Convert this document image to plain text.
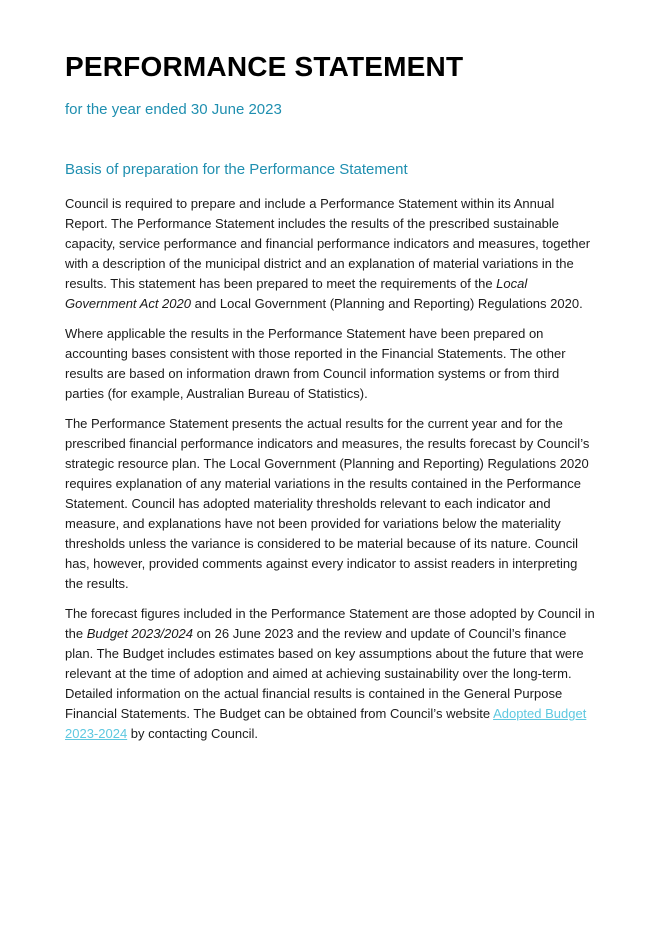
PERFORMANCE STATEMENT
for the year ended 30 June 2023
Basis of preparation for the Performance Statement

Council is required to prepare and include a Performance Statement within its Annual Report. The Performance Statement includes the results of the prescribed sustainable capacity, service performance and financial performance indicators and measures, together with a description of the municipal district and an explanation of material variations in the results. This statement has been prepared to meet the requirements of the Local Government Act 2020 and Local Government (Planning and Reporting) Regulations 2020.

Where applicable the results in the Performance Statement have been prepared on accounting bases consistent with those reported in the Financial Statements. The other results are based on information drawn from Council information systems or from third parties (for example, Australian Bureau of Statistics).

The Performance Statement presents the actual results for the current year and for the prescribed financial performance indicators and measures, the results forecast by Council’s strategic resource plan. The Local Government (Planning and Reporting) Regulations 2020 requires explanation of any material variations in the results contained in the Performance Statement. Council has adopted materiality thresholds relevant to each indicator and measure, and explanations have not been provided for variations below the materiality thresholds unless the variance is considered to be material because of its nature. Council has, however, provided comments against every indicator to assist readers in interpreting the results.

The forecast figures included in the Performance Statement are those adopted by Council in the Budget 2023/2024 on 26 June 2023 and the review and update of Council’s finance plan. The Budget includes estimates based on key assumptions about the future that were relevant at the time of adoption and aimed at achieving sustainability over the long-term. Detailed information on the actual financial results is contained in the General Purpose Financial Statements. The Budget can be obtained from Council’s website Adopted Budget 2023-2024 by contacting Council.
